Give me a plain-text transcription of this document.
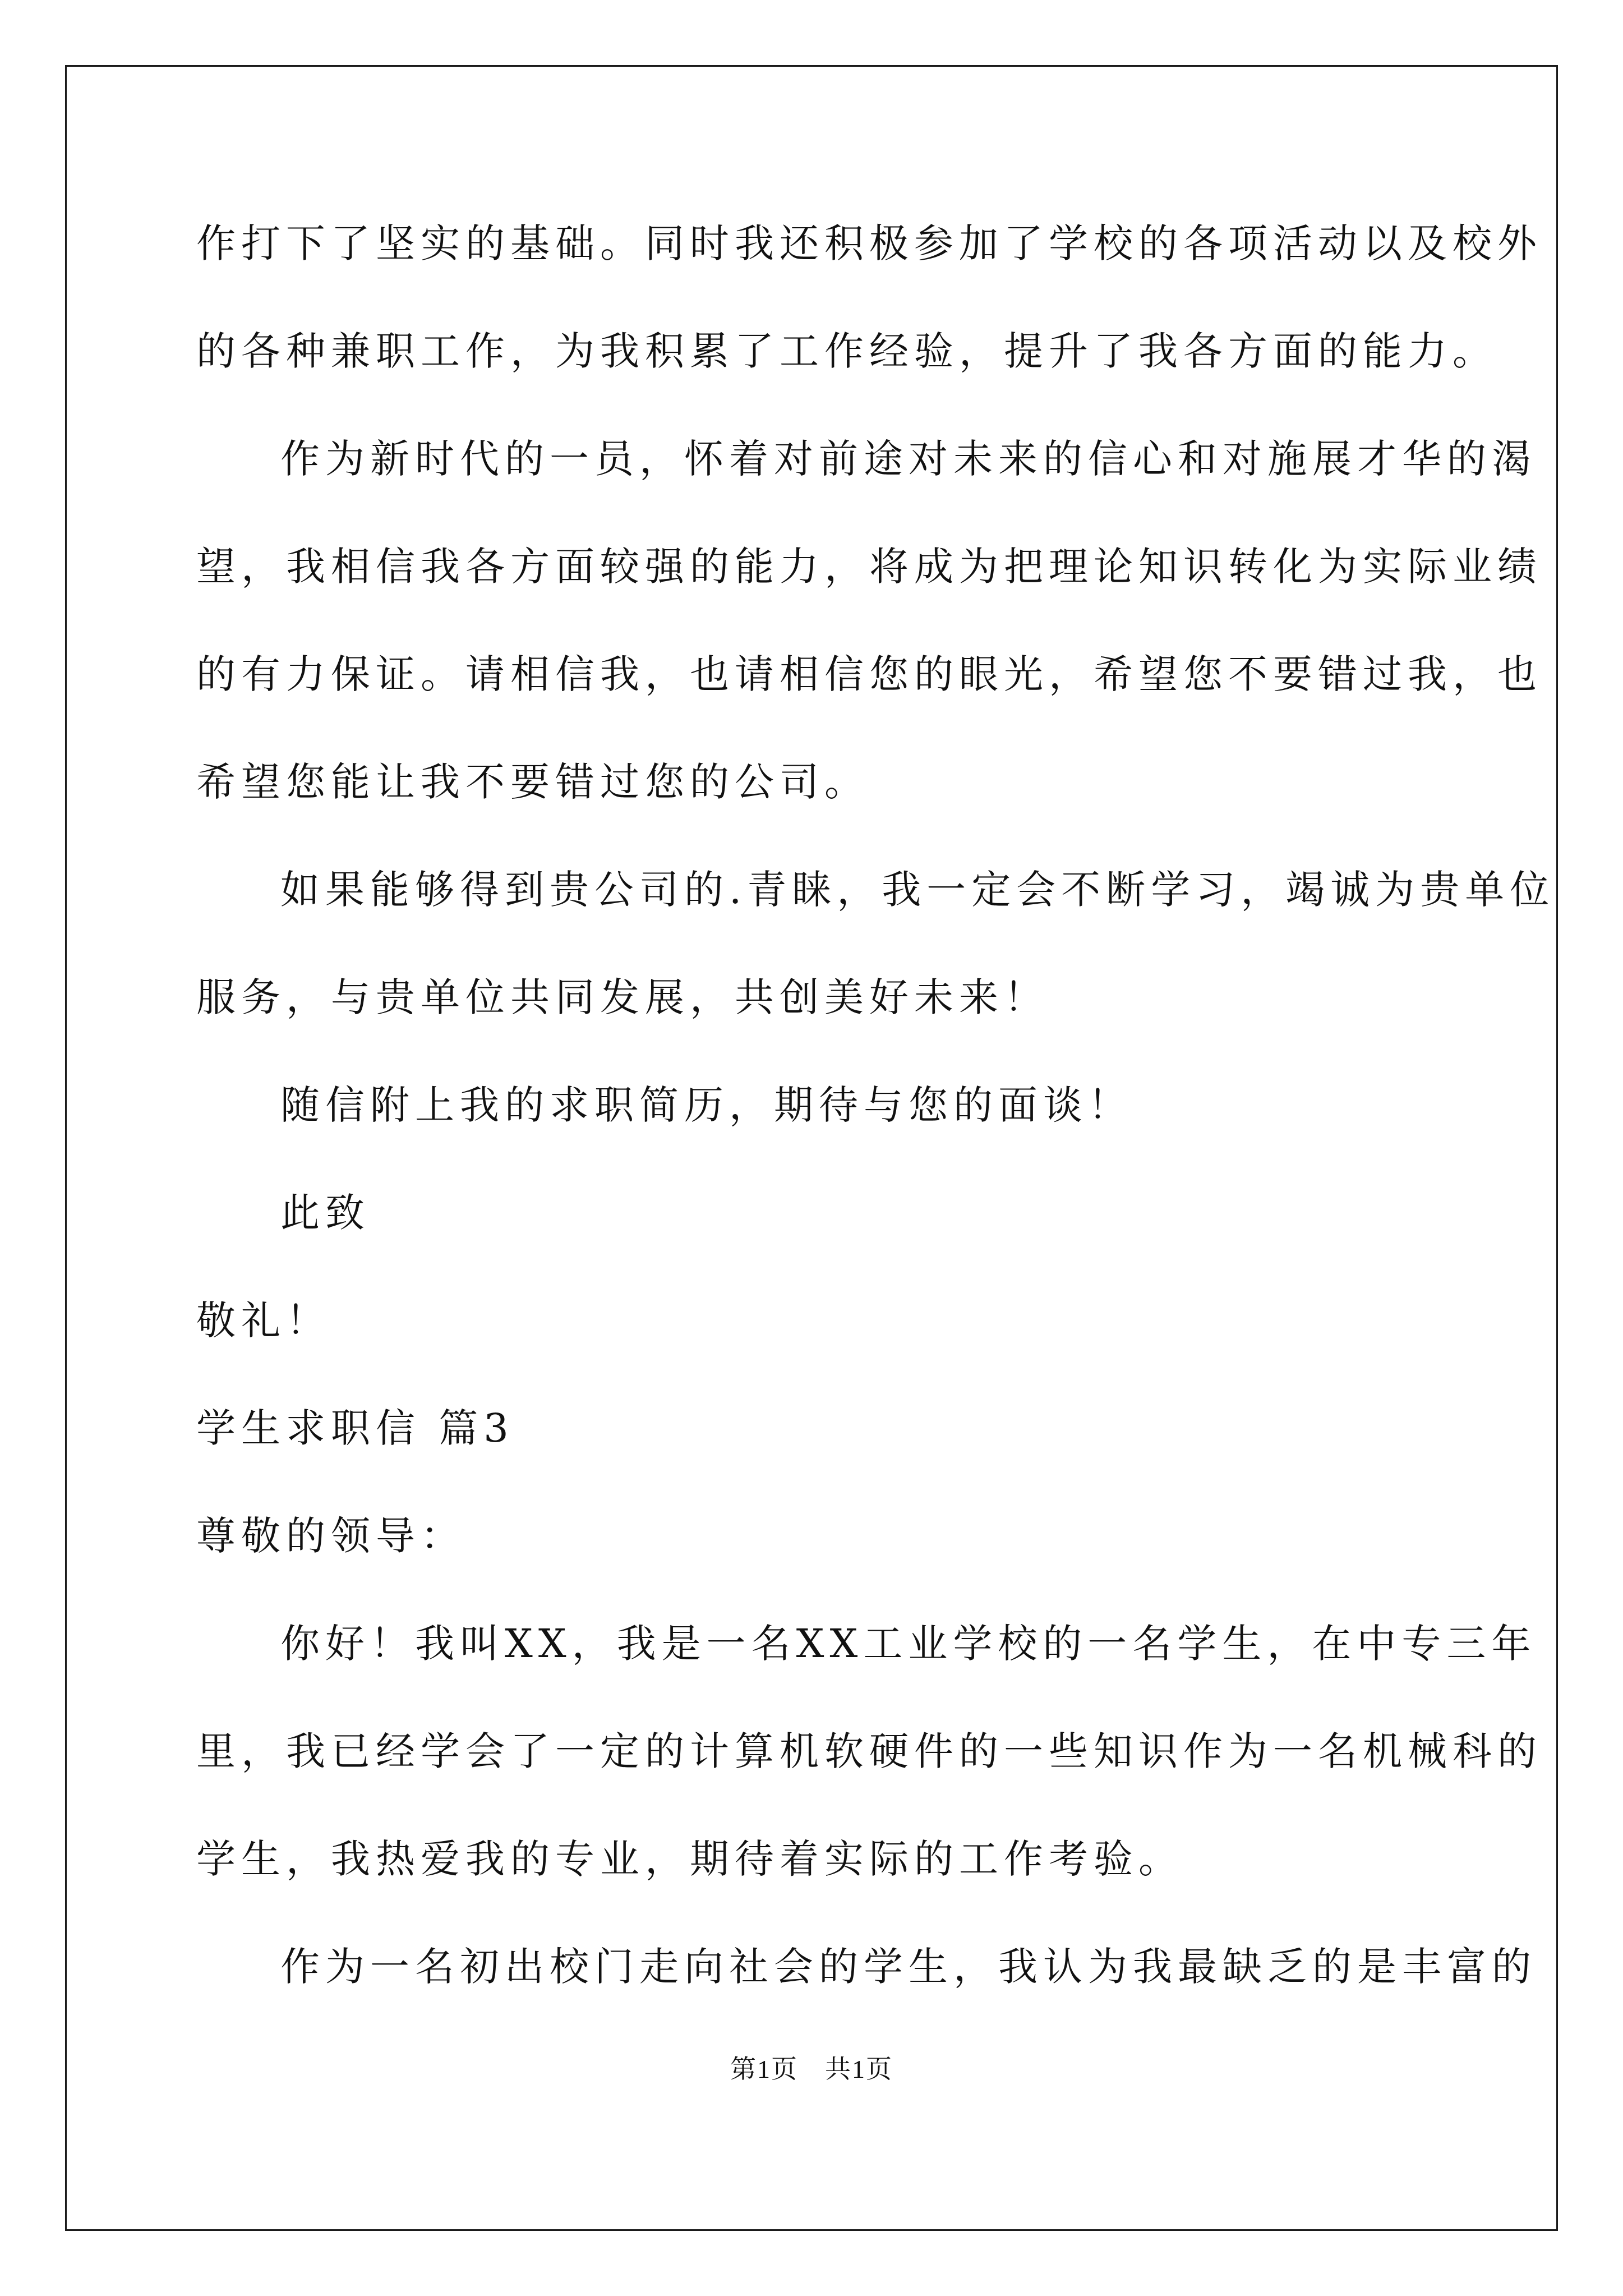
作打下了坚实的基础。同时我还积极参加了学校的各项活动以及校外
的各种兼职工作，为我积累了工作经验，提升了我各方面的能力。
作为新时代的一员，怀着对前途对未来的信心和对施展才华的渴
望，我相信我各方面较强的能力，将成为把理论知识转化为实际业绩
的有力保证。请相信我，也请相信您的眼光，希望您不要错过我，也
希望您能让我不要错过您的公司。
如果能够得到贵公司的.青睐，我一定会不断学习，竭诚为贵单位
服务，与贵单位共同发展，共创美好未来！
随信附上我的求职简历，期待与您的面谈！
此致
敬礼！
学生求职信 篇3
尊敬的领导：
你好！我叫XX，我是一名XX工业学校的一名学生，在中专三年
里，我已经学会了一定的计算机软硬件的一些知识作为一名机械科的
学生，我热爱我的专业，期待着实际的工作考验。
作为一名初出校门走向社会的学生，我认为我最缺乏的是丰富的
第1页　共1页
